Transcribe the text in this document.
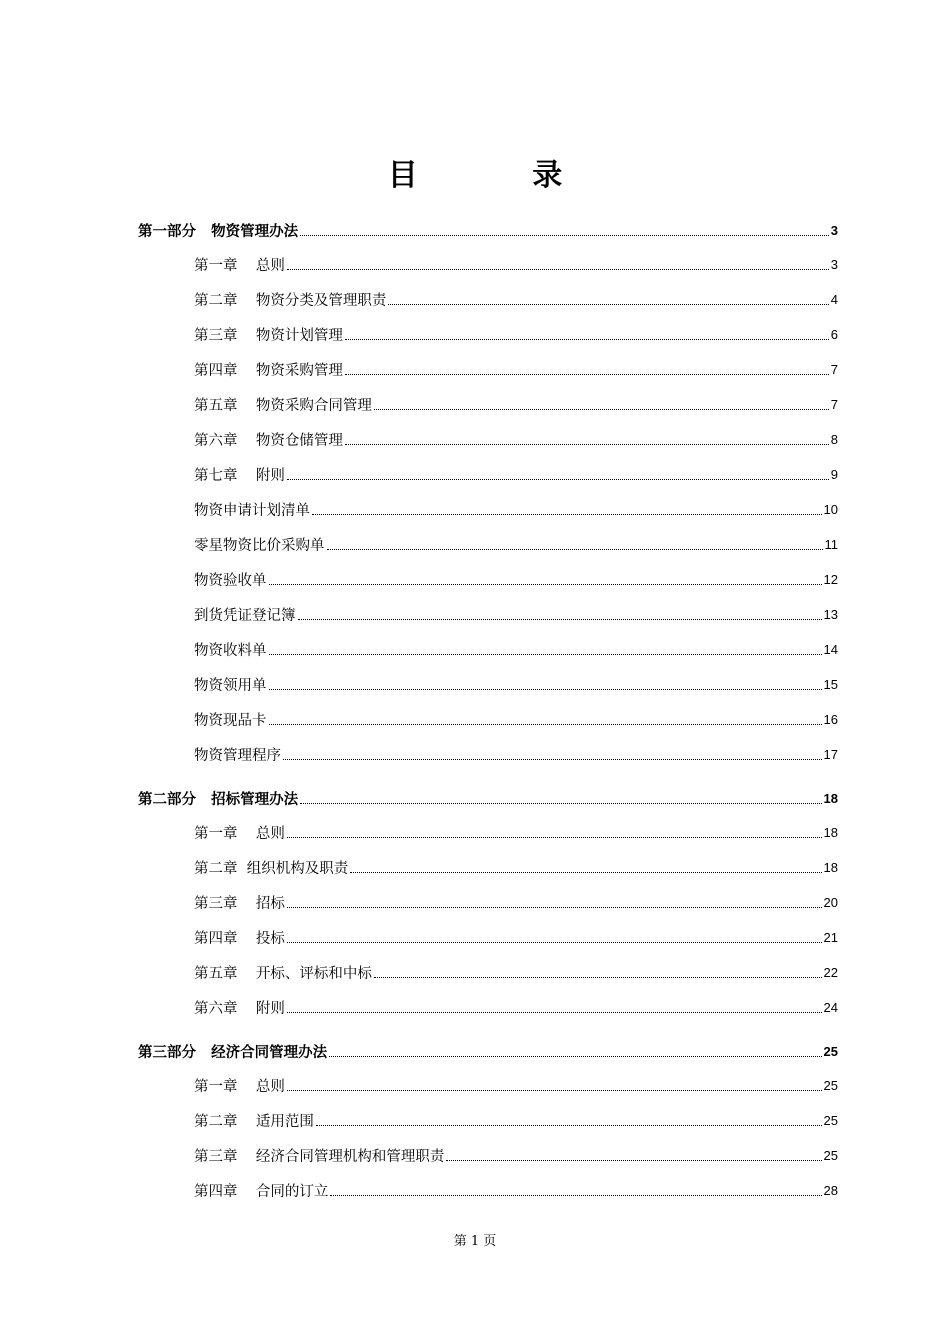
目 录
第一部分   物资管理办法	3
第一章    总则	3
第二章    物资分类及管理职责	4
第三章    物资计划管理	6
第四章    物资采购管理	7
第五章    物资采购合同管理	7
第六章    物资仓储管理	8
第七章    附则	9
物资申请计划清单	10
零星物资比价采购单	11
物资验收单	12
到货凭证登记簿	13
物资收料单	14
物资领用单	15
物资现品卡	16
物资管理程序	17
第二部分   招标管理办法	18
第一章    总则	18
第二章  组织机构及职责	18
第三章    招标	20
第四章    投标	21
第五章    开标、评标和中标	22
第六章    附则	24
第三部分   经济合同管理办法	25
第一章    总则	25
第二章    适用范围	25
第三章    经济合同管理机构和管理职责	25
第四章    合同的订立	28
第 1 页
